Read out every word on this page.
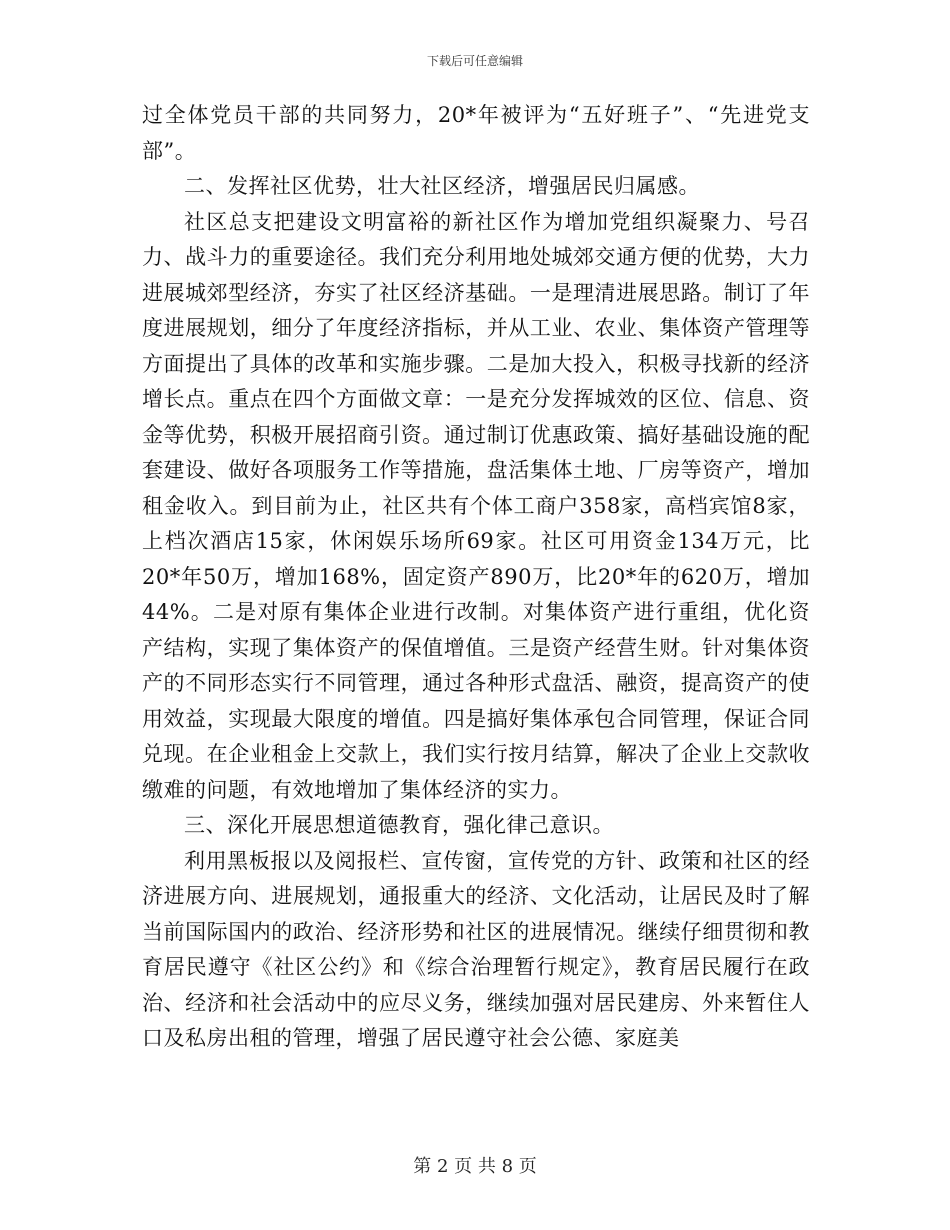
下载后可任意编辑

过全体党员干部的共同努力，20*年被评为“五好班子”、“先进党支部”。

二、发挥社区优势，壮大社区经济，增强居民归属感。

社区总支把建设文明富裕的新社区作为增加党组织凝聚力、号召力、战斗力的重要途径。我们充分利用地处城郊交通方便的优势，大力进展城郊型经济，夯实了社区经济基础。一是理清进展思路。制订了年度进展规划，细分了年度经济指标，并从工业、农业、集体资产管理等方面提出了具体的改革和实施步骤。二是加大投入，积极寻找新的经济增长点。重点在四个方面做文章：一是充分发挥城效的区位、信息、资金等优势，积极开展招商引资。通过制订优惠政策、搞好基础设施的配套建设、做好各项服务工作等措施，盘活集体土地、厂房等资产，增加租金收入。到目前为止，社区共有个体工商户358家，高档宾馆8家，上档次酒店15家，休闲娱乐场所69家。社区可用资金134万元，比20*年50万，增加168%，固定资产890万，比20*年的620万，增加44%。二是对原有集体企业进行改制。对集体资产进行重组，优化资产结构，实现了集体资产的保值增值。三是资产经营生财。针对集体资产的不同形态实行不同管理，通过各种形式盘活、融资，提高资产的使用效益，实现最大限度的增值。四是搞好集体承包合同管理，保证合同兑现。在企业租金上交款上，我们实行按月结算，解决了企业上交款收缴难的问题，有效地增加了集体经济的实力。

三、深化开展思想道德教育，强化律己意识。

利用黑板报以及阅报栏、宣传窗，宣传党的方针、政策和社区的经济进展方向、进展规划，通报重大的经济、文化活动，让居民及时了解当前国际国内的政治、经济形势和社区的进展情况。继续仔细贯彻和教育居民遵守《社区公约》和《综合治理暂行规定》，教育居民履行在政治、经济和社会活动中的应尽义务，继续加强对居民建房、外来暂住人口及私房出租的管理，增强了居民遵守社会公德、家庭美

第 2 页 共 8 页
